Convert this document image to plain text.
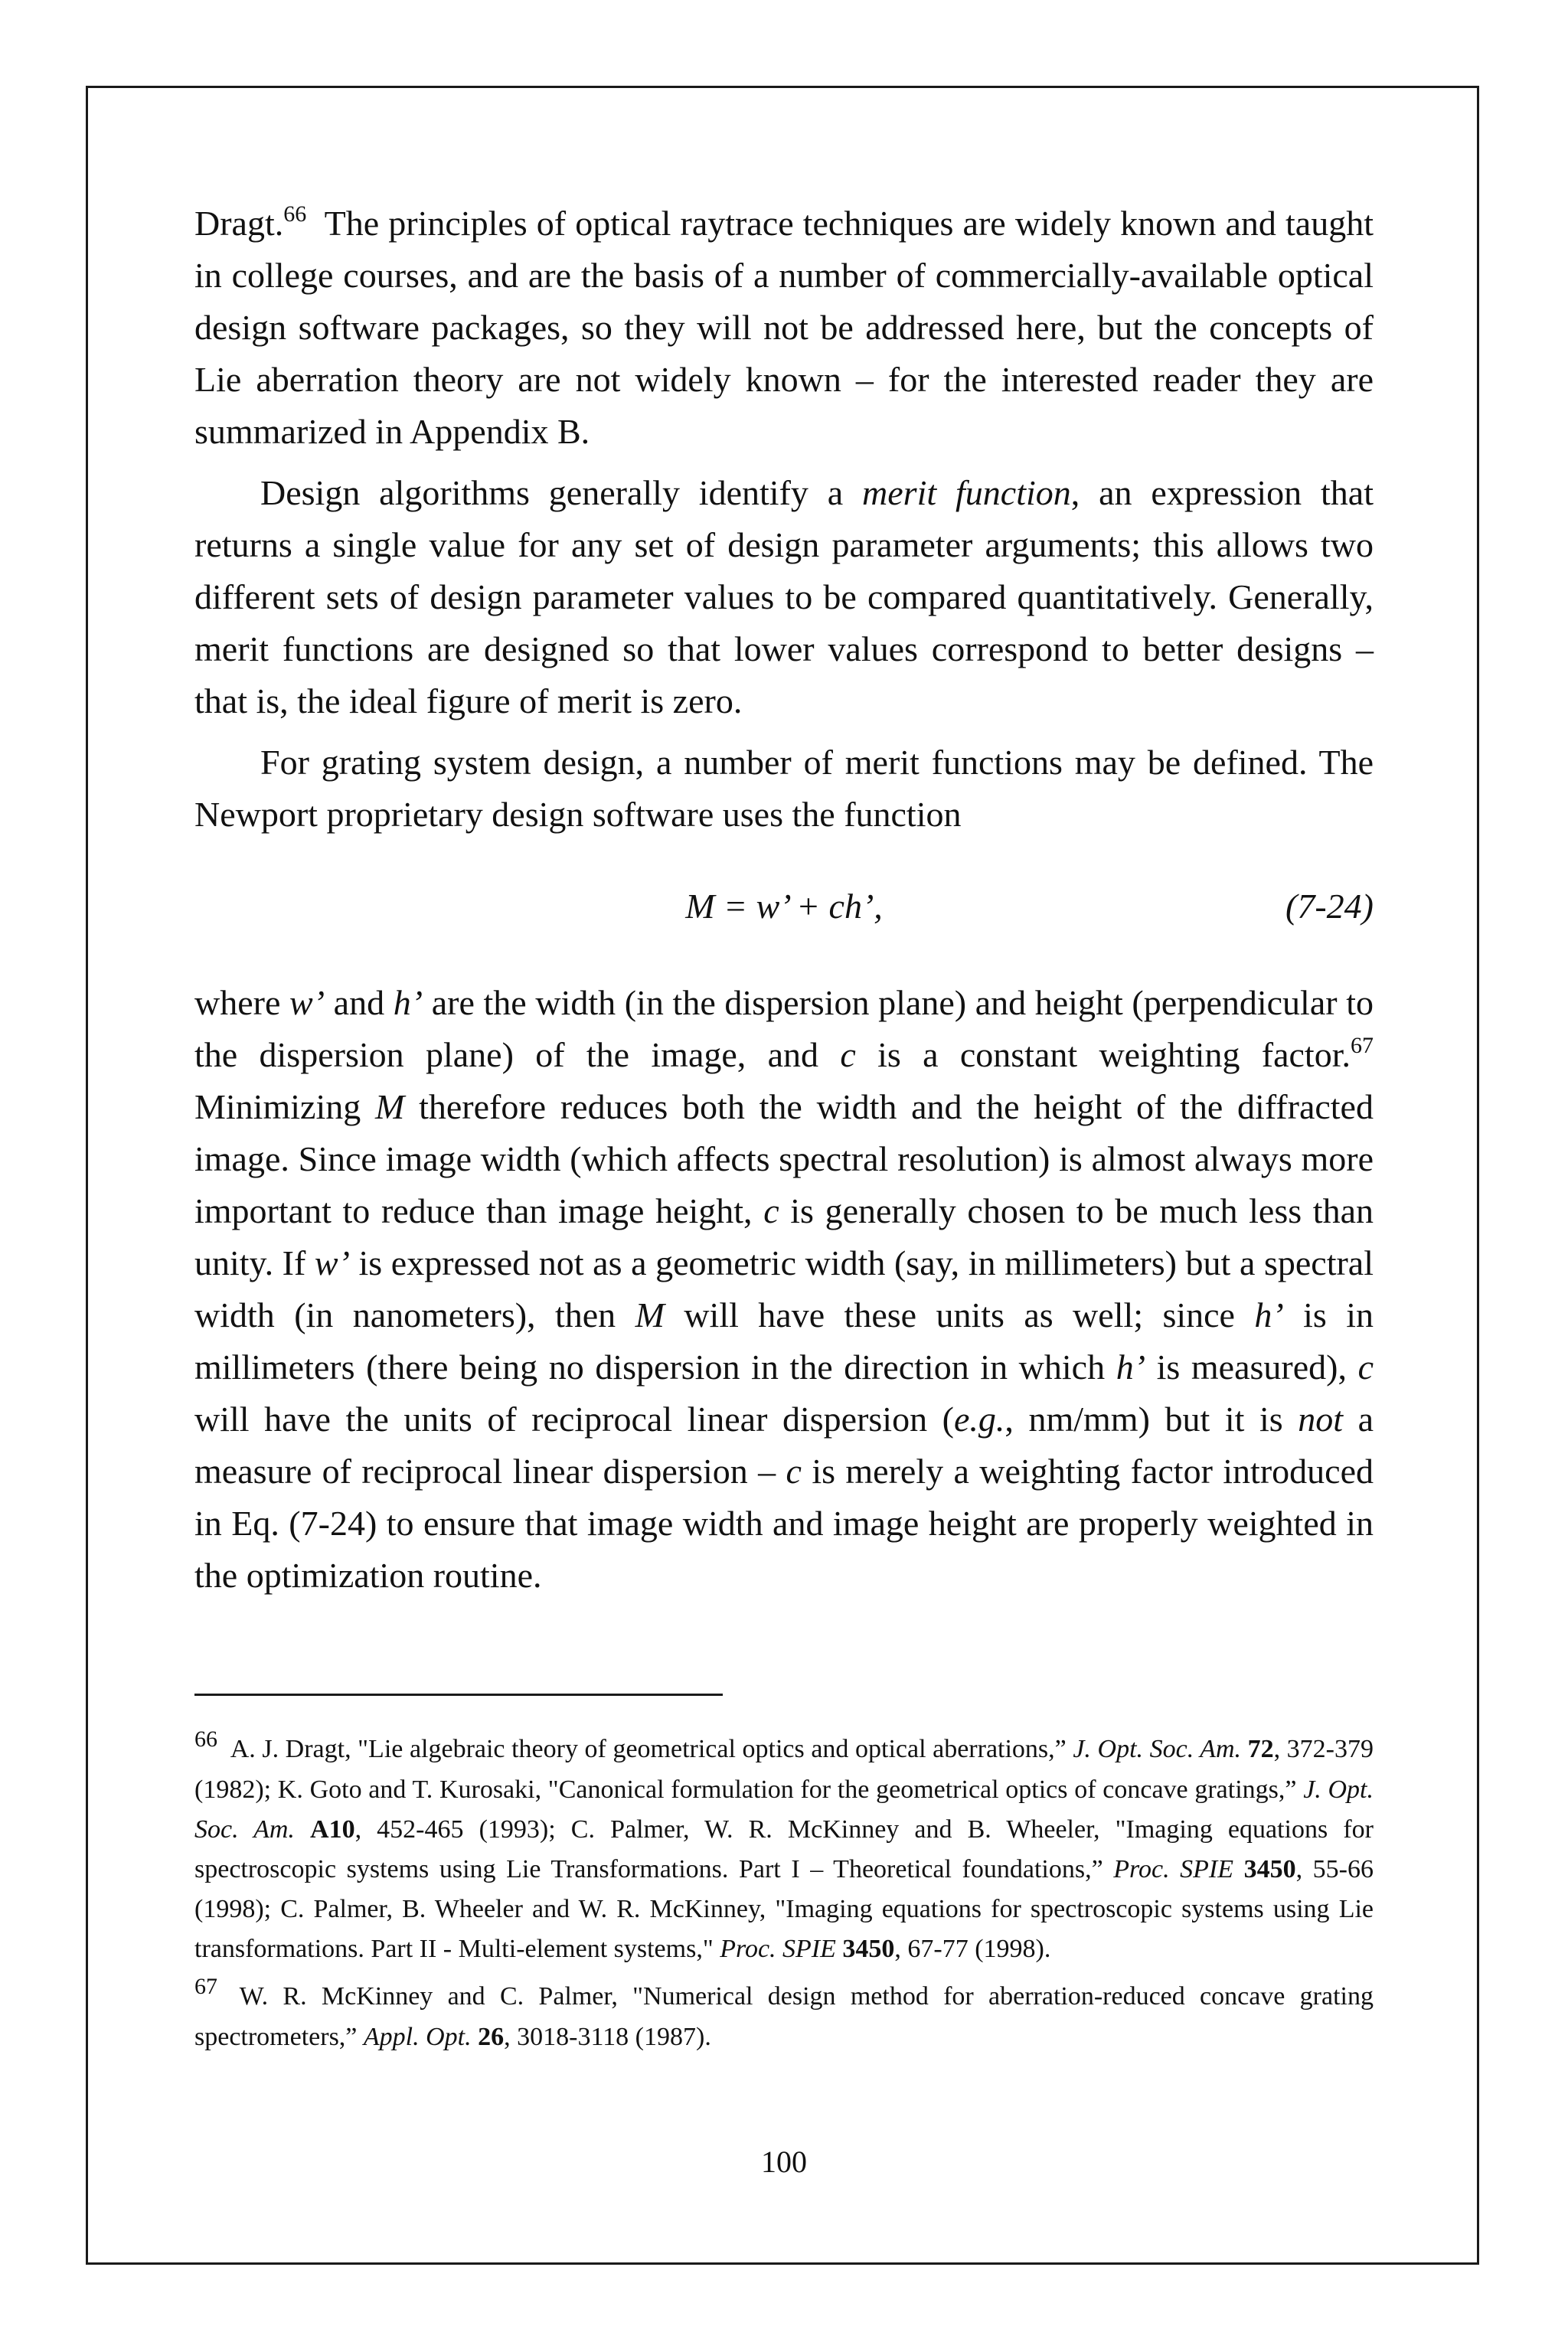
Dragt.$^{66}$  The principles of optical raytrace techniques are widely known and taught in college courses, and are the basis of a number of commercially-available optical design software packages, so they will not be addressed here, but the concepts of Lie aberration theory are not widely known – for the interested reader they are summarized in Appendix B.

Design algorithms generally identify a merit function, an expression that returns a single value for any set of design parameter arguments; this allows two different sets of design parameter values to be compared quantitatively. Generally, merit functions are designed so that lower values correspond to better designs – that is, the ideal figure of merit is zero.

For grating system design, a number of merit functions may be defined. The Newport proprietary design software uses the function

M = w’ + ch’,	(7-24)

where w’ and h’ are the width (in the dispersion plane) and height (perpendicular to the dispersion plane) of the image, and c is a constant weighting factor.$^{67}$ Minimizing M therefore reduces both the width and the height of the diffracted image. Since image width (which affects spectral resolution) is almost always more important to reduce than image height, c is generally chosen to be much less than unity. If w’ is expressed not as a geometric width (say, in millimeters) but a spectral width (in nanometers), then M will have these units as well; since h’ is in millimeters (there being no dispersion in the direction in which h’ is measured), c will have the units of reciprocal linear dispersion (e.g., nm/mm) but it is not a measure of reciprocal linear dispersion – c is merely a weighting factor introduced in Eq. (7-24) to ensure that image width and image height are properly weighted in the optimization routine.

66 A. J. Dragt, "Lie algebraic theory of geometrical optics and optical aberrations,” J. Opt. Soc. Am. 72, 372-379 (1982); K. Goto and T. Kurosaki, "Canonical formulation for the geometrical optics of concave gratings,” J. Opt. Soc. Am. A10, 452-465 (1993); C. Palmer, W. R. McKinney and B. Wheeler, "Imaging equations for spectroscopic systems using Lie Transformations. Part I – Theoretical foundations,” Proc. SPIE 3450, 55-66 (1998); C. Palmer, B. Wheeler and W. R. McKinney, "Imaging equations for spectroscopic systems using Lie transformations. Part II - Multi-element systems," Proc. SPIE 3450, 67-77 (1998).

67 W. R. McKinney and C. Palmer, "Numerical design method for aberration-reduced concave grating spectrometers,” Appl. Opt. 26, 3018-3118 (1987).

100
